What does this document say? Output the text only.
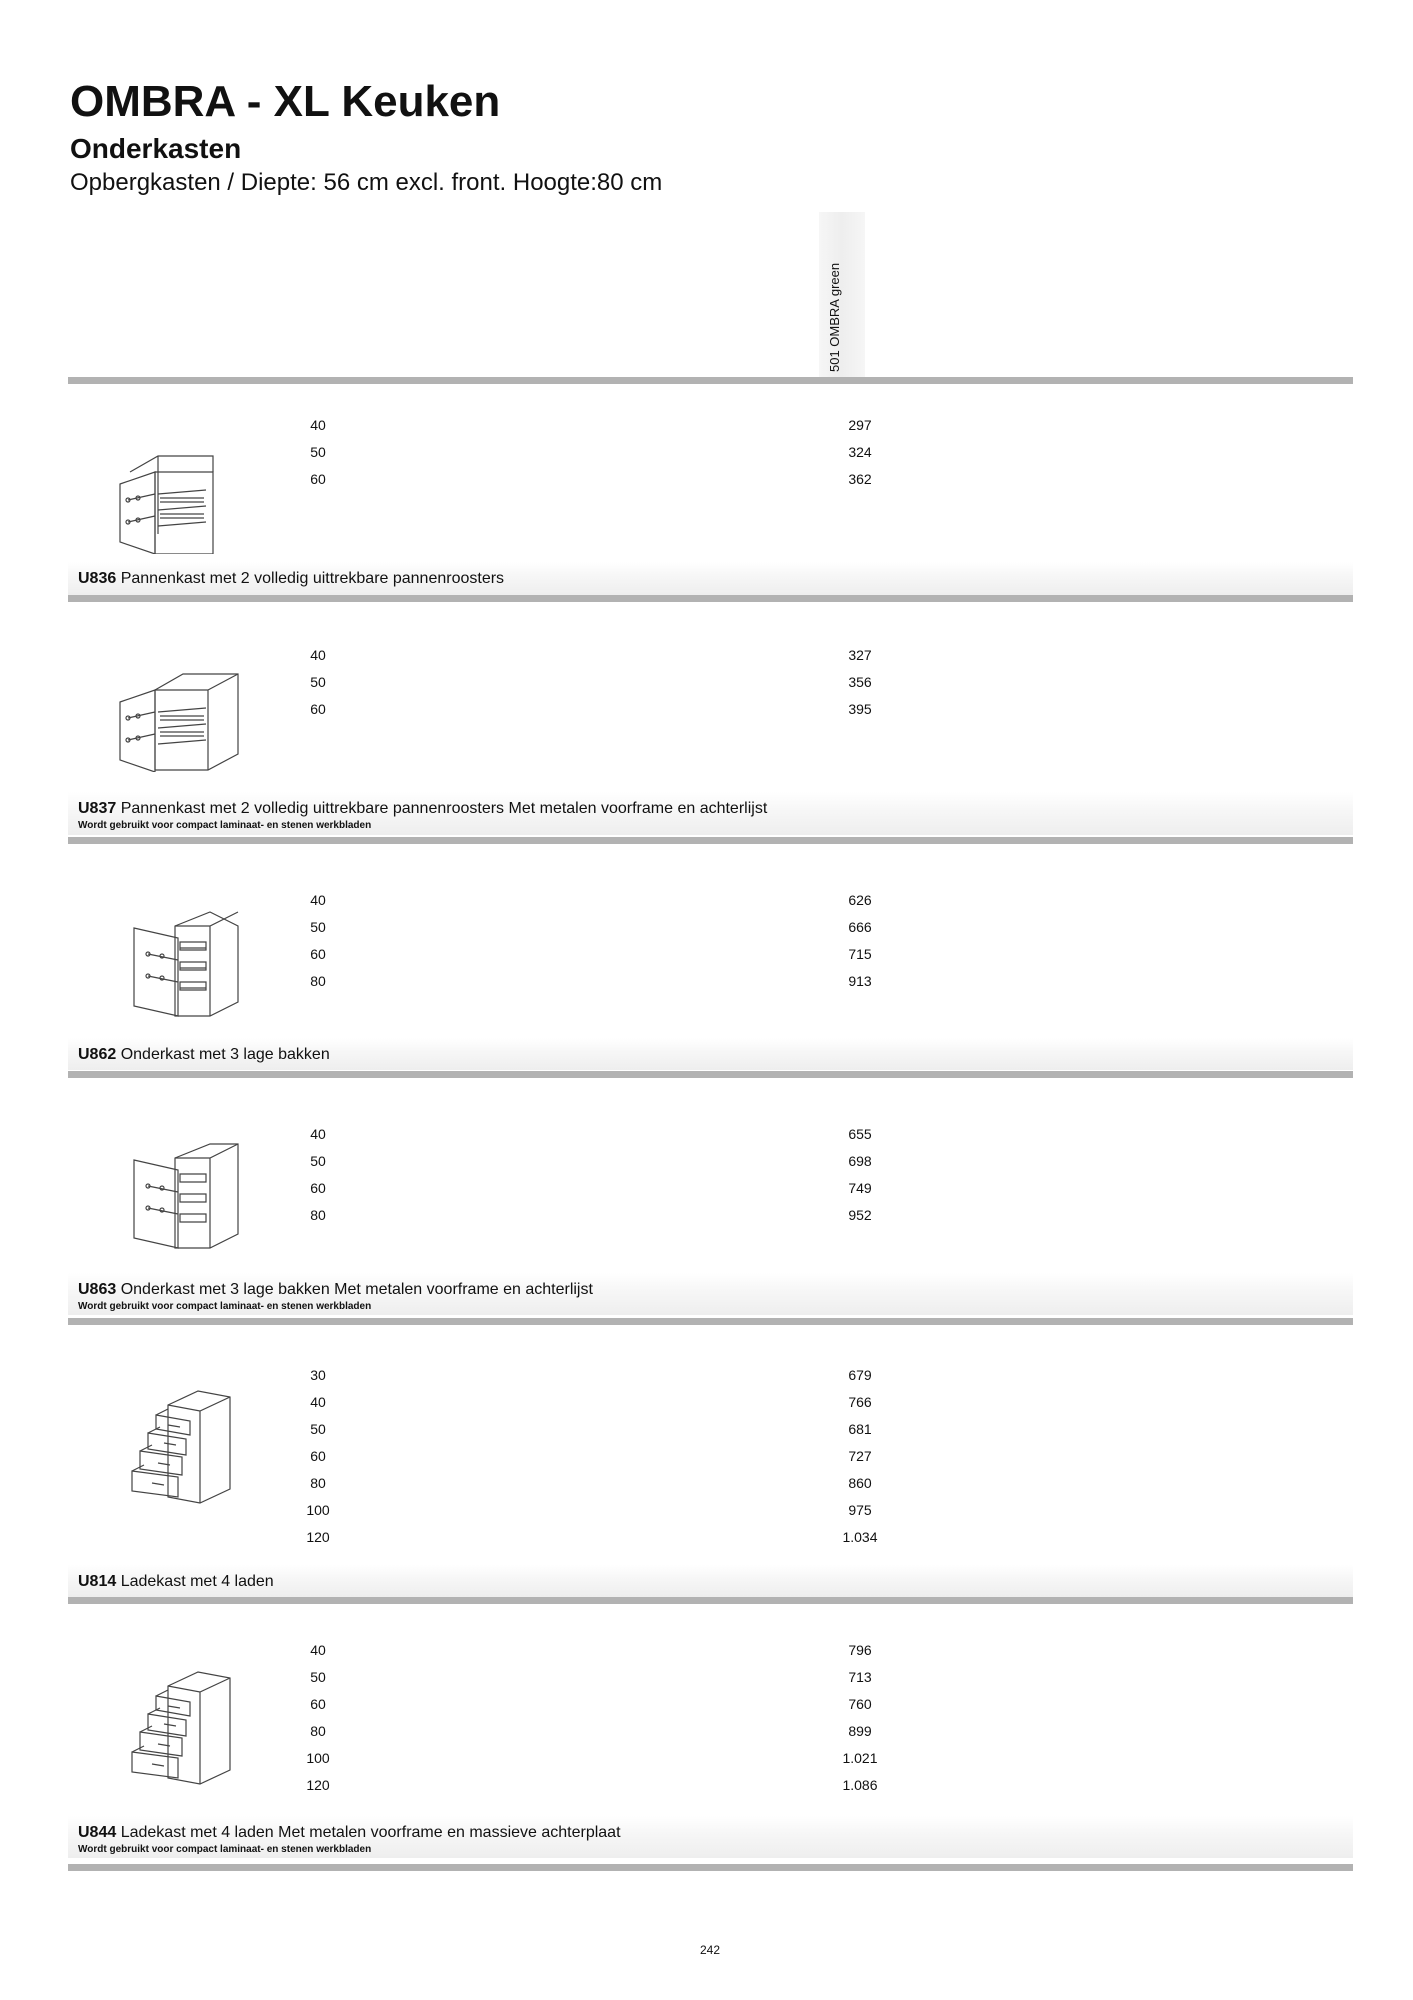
OMBRA - XL Keuken
Onderkasten

Opbergkasten / Diepte: 56 cm excl. front. Hoogte:80 cm

501 OMBRA green
40	297
50	324
60	362
U836 Pannenkast met 2 volledig uittrekbare pannenroosters
40	327
50	356
60	395
U837 Pannenkast met 2 volledig uittrekbare pannenroosters Met metalen voorframe en achterlijst
Wordt gebruikt voor compact laminaat- en stenen werkbladen
40	626
50	666
60	715
80	913
U862 Onderkast met 3 lage bakken
40	655
50	698
60	749
80	952
U863 Onderkast met 3 lage bakken Met metalen voorframe en achterlijst
Wordt gebruikt voor compact laminaat- en stenen werkbladen
30	679
40	766
50	681
60	727
80	860
100	975
120	1.034
U814 Ladekast met 4 laden
40	796
50	713
60	760
80	899
100	1.021
120	1.086
U844 Ladekast met 4 laden Met metalen voorframe en massieve achterplaat
Wordt gebruikt voor compact laminaat- en stenen werkbladen
242
